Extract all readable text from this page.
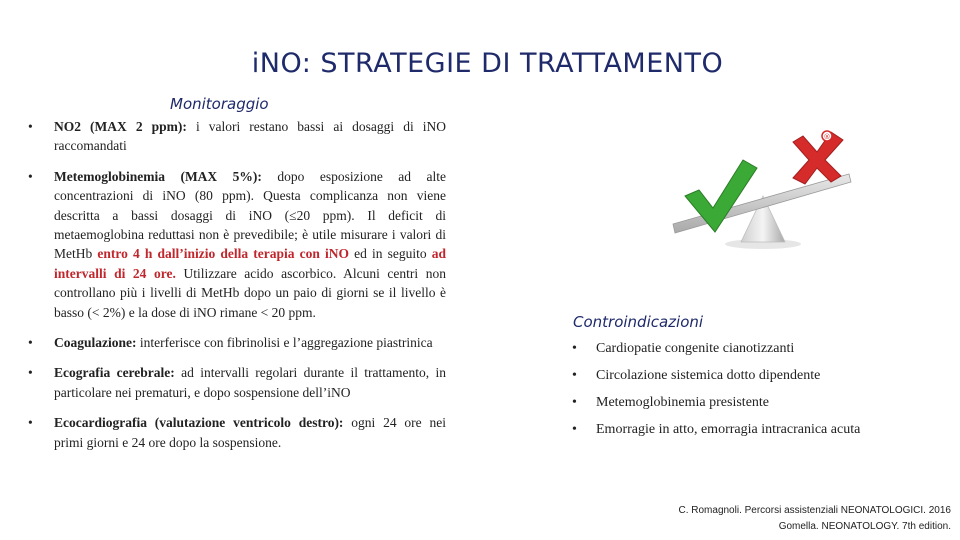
iNO: STRATEGIE DI TRATTAMENTO
Monitoraggio
• NO2 (MAX 2 ppm): i valori restano bassi ai dosaggi di iNO raccomandati
• Metemoglobinemia (MAX 5%): dopo esposizione ad alte concentrazioni di iNO (80 ppm). Questa complicanza non viene descritta a bassi dosaggi di iNO (≤20 ppm). Il deficit di metaemoglobina reduttasi non è prevedibile; è utile misurare i valori di MetHb entro 4 h dall’inizio della terapia con iNO ed in seguito ad intervalli di 24 ore. Utilizzare acido ascorbico. Alcuni centri non controllano più i livelli di MetHb dopo un paio di giorni se il livello è basso (< 2%) e la dose di iNO rimane < 20 ppm.
• Coagulazione: interferisce con fibrinolisi e l’aggregazione piastrinica
• Ecografia cerebrale: ad intervalli regolari durante il trattamento, in particolare nei prematuri, e dopo sospensione dell’iNO
• Ecocardiografia (valutazione ventricolo destro): ogni 24 ore nei primi giorni e 24 ore dopo la sospensione.
®
Controindicazioni
• Cardiopatie congenite cianotizzanti
• Circolazione sistemica dotto dipendente
• Metemoglobinemia presistente
• Emorragie in atto, emorragia intracranica acuta
C. Romagnoli. Percorsi assistenziali NEONATOLOGICI. 2016
Gomella. NEONATOLOGY. 7th edition.
